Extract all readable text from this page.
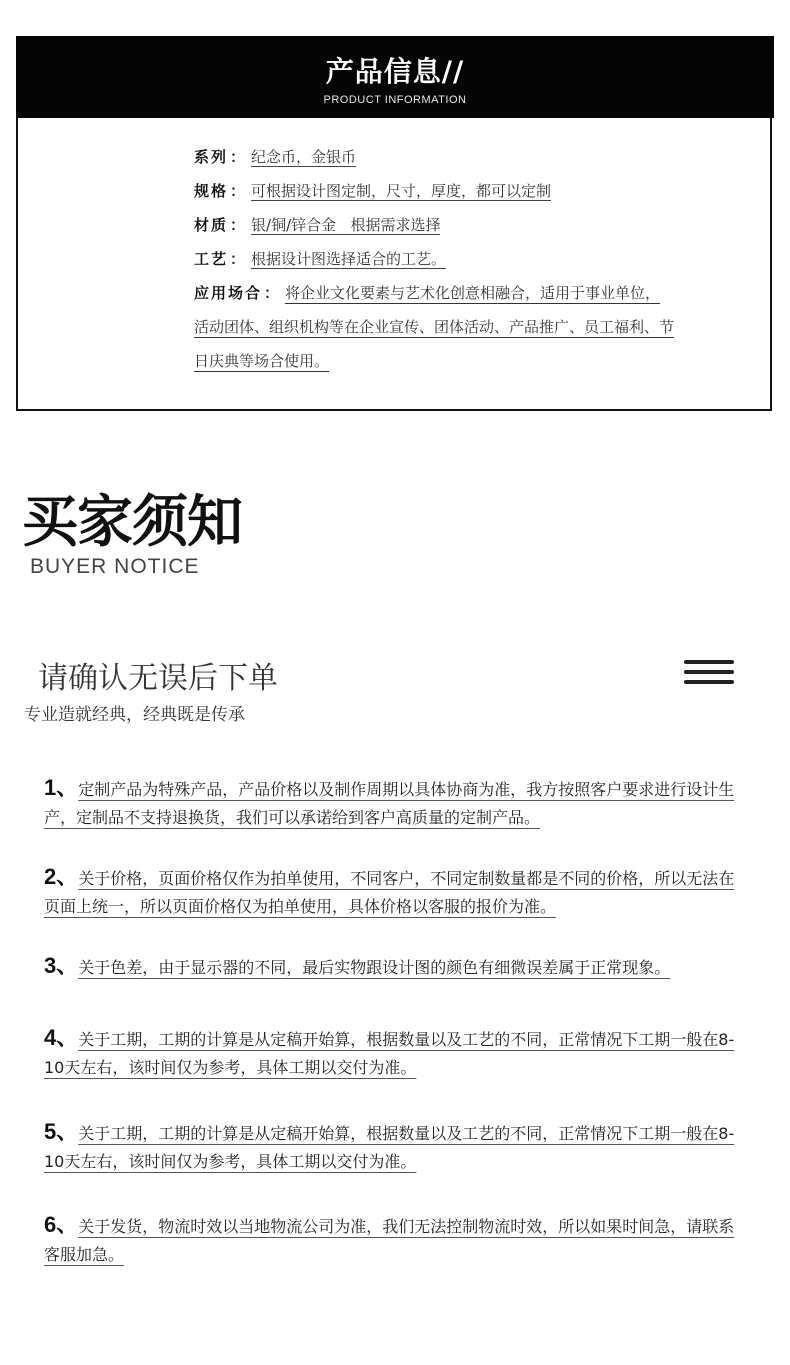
产品信息//
PRODUCT INFORMATION
系列 ： 纪念币，金银币
规格 ： 可根据设计图定制，尺寸，厚度，都可以定制
材质 ： 银/铜/锌合金   根据需求选择
工艺 ： 根据设计图选择适合的工艺。
应用场合 ： 将企业文化要素与艺术化创意相融合，适用于事业单位，活动团体、组织机构等在企业宣传、团体活动、产品推广、员工福利、节日庆典等场合使用。
买家须知
BUYER NOTICE
请确认无误后下单
专业造就经典，经典既是传承
1、定制产品为特殊产品，产品价格以及制作周期以具体协商为准，我方按照客户要求进行设计生产，定制品不支持退换货，我们可以承诺给到客户高质量的定制产品。
2、关于价格，页面价格仅作为拍单使用，不同客户，不同定制数量都是不同的价格，所以无法在页面上统一，所以页面价格仅为拍单使用，具体价格以客服的报价为准。
3、关于色差，由于显示器的不同，最后实物跟设计图的颜色有细微误差属于正常现象。
4、关于工期，工期的计算是从定稿开始算，根据数量以及工艺的不同，正常情况下工期一般在8-10天左右，该时间仅为参考，具体工期以交付为准。
5、关于工期，工期的计算是从定稿开始算，根据数量以及工艺的不同，正常情况下工期一般在8-10天左右，该时间仅为参考，具体工期以交付为准。
6、关于发货，物流时效以当地物流公司为准，我们无法控制物流时效，所以如果时间急，请联系客服加急。
